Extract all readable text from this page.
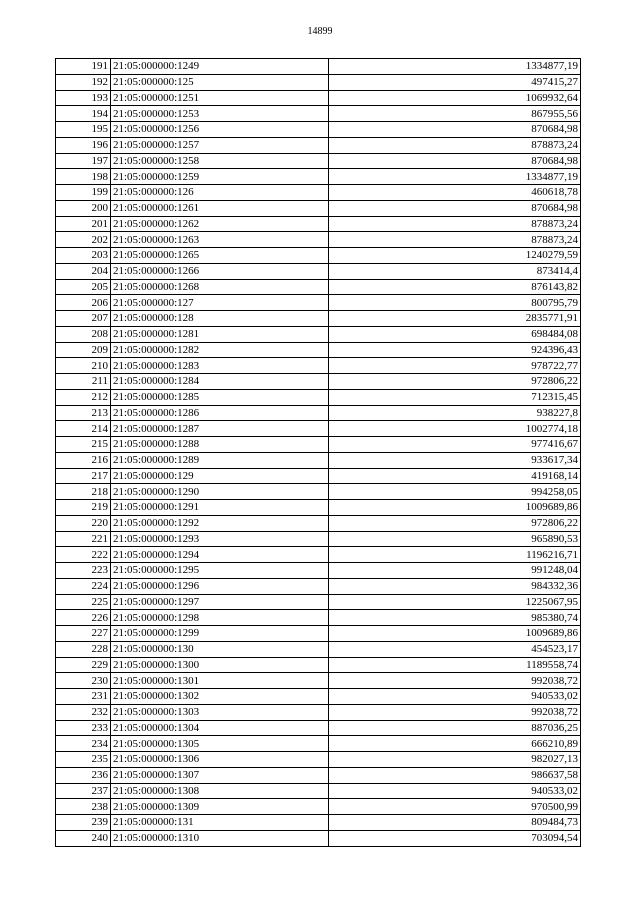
14899
191	21:05:000000:1249	1334877,19
192	21:05:000000:125	497415,27
193	21:05:000000:1251	1069932,64
194	21:05:000000:1253	867955,56
195	21:05:000000:1256	870684,98
196	21:05:000000:1257	878873,24
197	21:05:000000:1258	870684,98
198	21:05:000000:1259	1334877,19
199	21:05:000000:126	460618,78
200	21:05:000000:1261	870684,98
201	21:05:000000:1262	878873,24
202	21:05:000000:1263	878873,24
203	21:05:000000:1265	1240279,59
204	21:05:000000:1266	873414,4
205	21:05:000000:1268	876143,82
206	21:05:000000:127	800795,79
207	21:05:000000:128	2835771,91
208	21:05:000000:1281	698484,08
209	21:05:000000:1282	924396,43
210	21:05:000000:1283	978722,77
211	21:05:000000:1284	972806,22
212	21:05:000000:1285	712315,45
213	21:05:000000:1286	938227,8
214	21:05:000000:1287	1002774,18
215	21:05:000000:1288	977416,67
216	21:05:000000:1289	933617,34
217	21:05:000000:129	419168,14
218	21:05:000000:1290	994258,05
219	21:05:000000:1291	1009689,86
220	21:05:000000:1292	972806,22
221	21:05:000000:1293	965890,53
222	21:05:000000:1294	1196216,71
223	21:05:000000:1295	991248,04
224	21:05:000000:1296	984332,36
225	21:05:000000:1297	1225067,95
226	21:05:000000:1298	985380,74
227	21:05:000000:1299	1009689,86
228	21:05:000000:130	454523,17
229	21:05:000000:1300	1189558,74
230	21:05:000000:1301	992038,72
231	21:05:000000:1302	940533,02
232	21:05:000000:1303	992038,72
233	21:05:000000:1304	887036,25
234	21:05:000000:1305	666210,89
235	21:05:000000:1306	982027,13
236	21:05:000000:1307	986637,58
237	21:05:000000:1308	940533,02
238	21:05:000000:1309	970500,99
239	21:05:000000:131	809484,73
240	21:05:000000:1310	703094,54
